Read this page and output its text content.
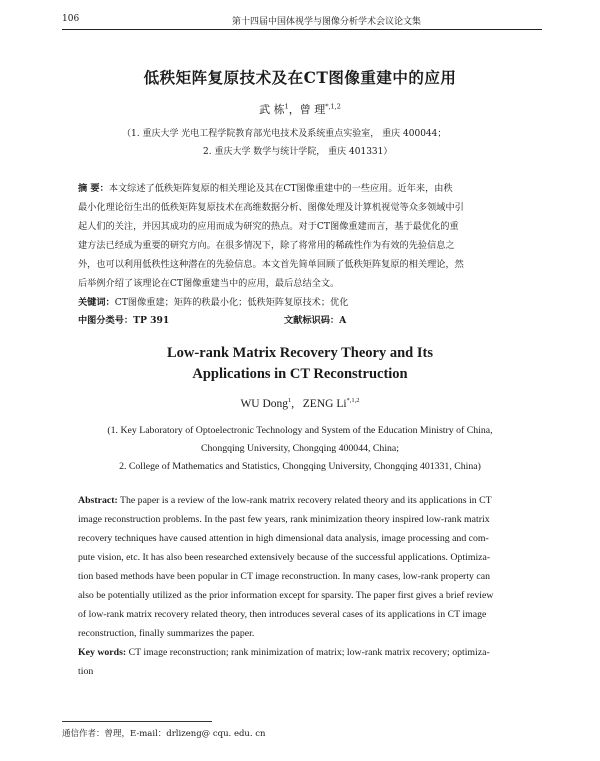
106	第十四届中国体视学与图像分析学术会议论文集
低秩矩阵复原技术及在CT图像重建中的应用
武 栋$^1$，曾 理$^{*,1,2}$
（1. 重庆大学 光电工程学院教育部光电技术及系统重点实验室， 重庆 400044；
2. 重庆大学 数学与统计学院， 重庆 401331）
摘 要：本文综述了低秩矩阵复原的相关理论及其在CT图像重建中的一些应用。近年来，由秩
最小化理论衍生出的低秩矩阵复原技术在高维数据分析、图像处理及计算机视觉等众多领域中引
起人们的关注，并因其成功的应用而成为研究的热点。对于CT图像重建而言，基于最优化的重
建方法已经成为重要的研究方向。在很多情况下，除了将常用的稀疏性作为有效的先验信息之
外，也可以利用低秩性这种潜在的先验信息。本文首先简单回顾了低秩矩阵复原的相关理论，然
后举例介绍了该理论在CT图像重建当中的应用，最后总结全文。
关键词：CT图像重建；矩阵的秩最小化；低秩矩阵复原技术；优化
中图分类号：TP 391	文献标识码：A
Low-rank Matrix Recovery Theory and Its
Applications in CT Reconstruction
WU Dong$^1$,   ZENG $Li^{*,1,2}$
(1. Key Laboratory of Optoelectronic Technology and System of the Education Ministry of China,
Chongqing University, Chongqing 400044, China;
2. College of Mathematics and Statistics, Chongqing University, Chongqing 401331, China)
Abstract: The paper is a review of the low-rank matrix recovery related theory and its applications in CT
image reconstruction problems. In the past few years, rank minimization theory inspired low-rank matrix
recovery techniques have caused attention in high dimensional data analysis, image processing and com-
pute vision, etc. It has also been researched extensively because of the successful applications. Optimiza-
tion based methods have been popular in CT image reconstruction. In many cases, low-rank property can
also be potentially utilized as the prior information except for sparsity. The paper first gives a brief review
of low-rank matrix recovery related theory, then introduces several cases of its applications in CT image
reconstruction, finally summarizes the paper.
Key words: CT image reconstruction; rank minimization of matrix; low-rank matrix recovery; optimiza-
tion
通信作者：曾理，E-mail：drlizeng@ cqu. edu. cn
